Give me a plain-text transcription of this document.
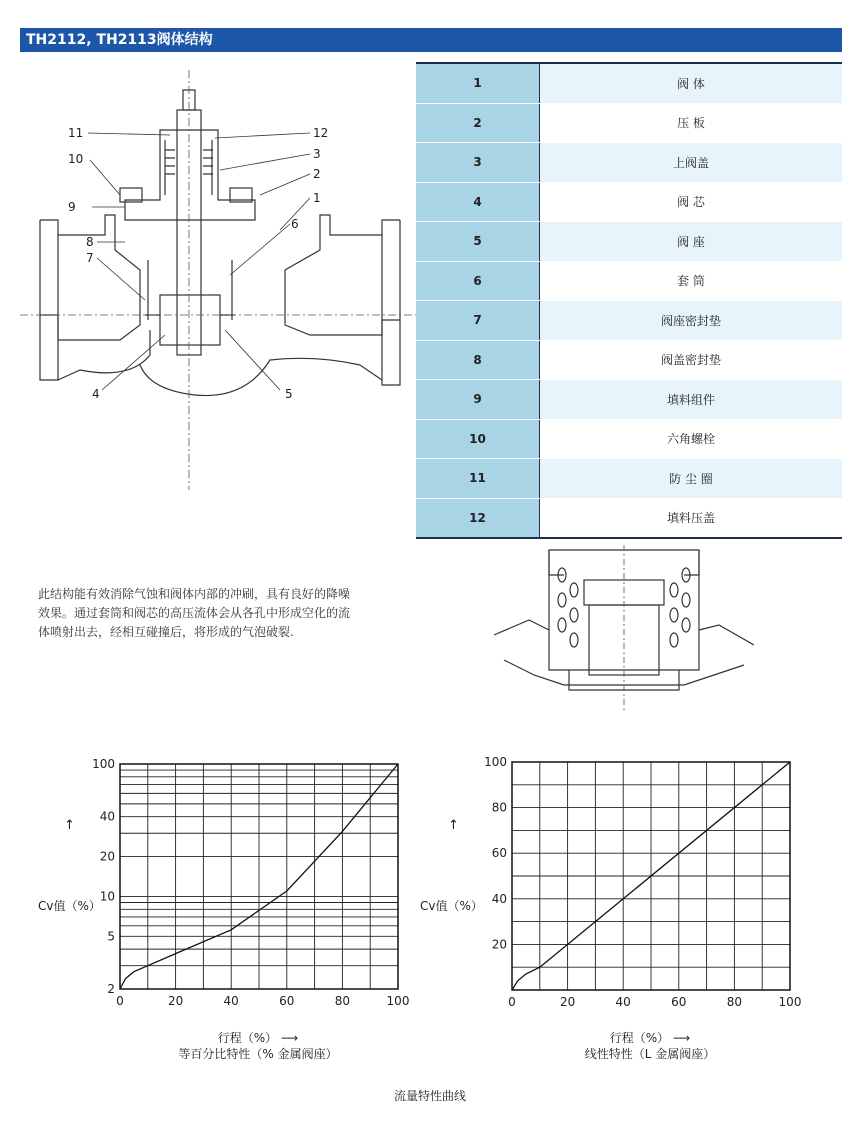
TH2112, TH2113阀体结构
11	12
3
2
1
10
9
6
8
7
4	5
1	阀 体
2	压 板
3	上阀盖
4	阀 芯
5	阀 座
6	套 筒
7	阀座密封垫
8	阀盖密封垫
9	填料组件
10	六角螺栓
11	防 尘 圈
12	填料压盖
此结构能有效消除气蚀和阀体内部的冲刷，具有良好的降噪
效果。通过套筒和阀芯的高压流体会从各孔中形成空化的流
体喷射出去，经相互碰撞后，将形成的气泡破裂.
0	20	40	60	80	100
2
5
10
20
40
100
Cv值（%）
↑
行程（%） ⟶
等百分比特性（% 金属阀座）
0	20	40	60	80	100
20
40
60
80
100
Cv值（%）
↑
行程（%） ⟶
线性特性（L 金属阀座）
流量特性曲线
